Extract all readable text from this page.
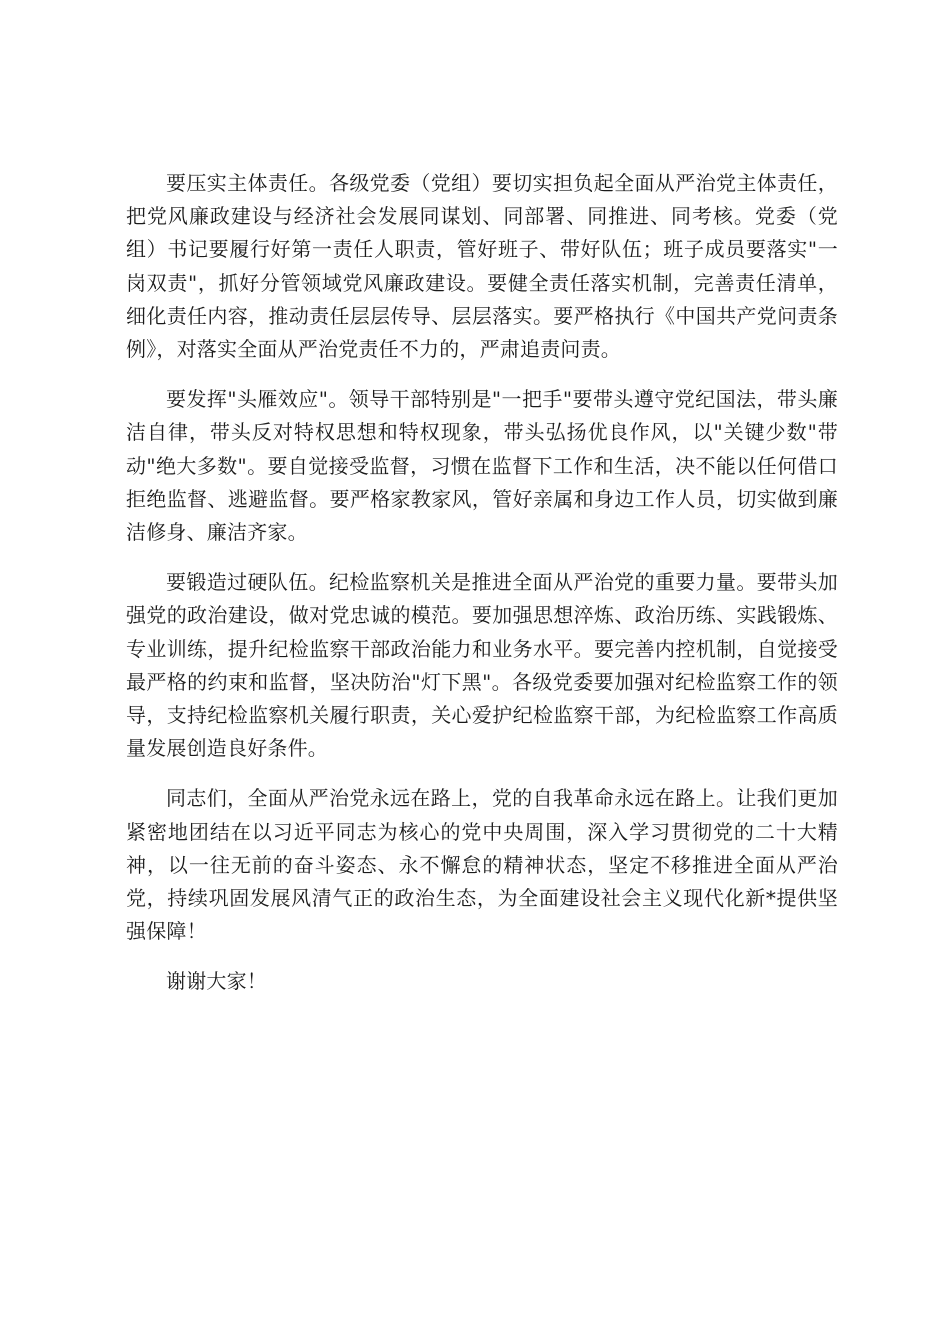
要压实主体责任。各级党委（党组）要切实担负起全面从严治党主体责任，把党风廉政建设与经济社会发展同谋划、同部署、同推进、同考核。党委（党组）书记要履行好第一责任人职责，管好班子、带好队伍；班子成员要落实"一岗双责"，抓好分管领域党风廉政建设。要健全责任落实机制，完善责任清单，细化责任内容，推动责任层层传导、层层落实。要严格执行《中国共产党问责条例》，对落实全面从严治党责任不力的，严肃追责问责。

要发挥"头雁效应"。领导干部特别是"一把手"要带头遵守党纪国法，带头廉洁自律，带头反对特权思想和特权现象，带头弘扬优良作风，以"关键少数"带动"绝大多数"。要自觉接受监督，习惯在监督下工作和生活，决不能以任何借口拒绝监督、逃避监督。要严格家教家风，管好亲属和身边工作人员，切实做到廉洁修身、廉洁齐家。

要锻造过硬队伍。纪检监察机关是推进全面从严治党的重要力量。要带头加强党的政治建设，做对党忠诚的模范。要加强思想淬炼、政治历练、实践锻炼、专业训练，提升纪检监察干部政治能力和业务水平。要完善内控机制，自觉接受最严格的约束和监督，坚决防治"灯下黑"。各级党委要加强对纪检监察工作的领导，支持纪检监察机关履行职责，关心爱护纪检监察干部，为纪检监察工作高质量发展创造良好条件。

同志们，全面从严治党永远在路上，党的自我革命永远在路上。让我们更加紧密地团结在以习近平同志为核心的党中央周围，深入学习贯彻党的二十大精神，以一往无前的奋斗姿态、永不懈怠的精神状态，坚定不移推进全面从严治党，持续巩固发展风清气正的政治生态，为全面建设社会主义现代化新*提供坚强保障！

谢谢大家！
